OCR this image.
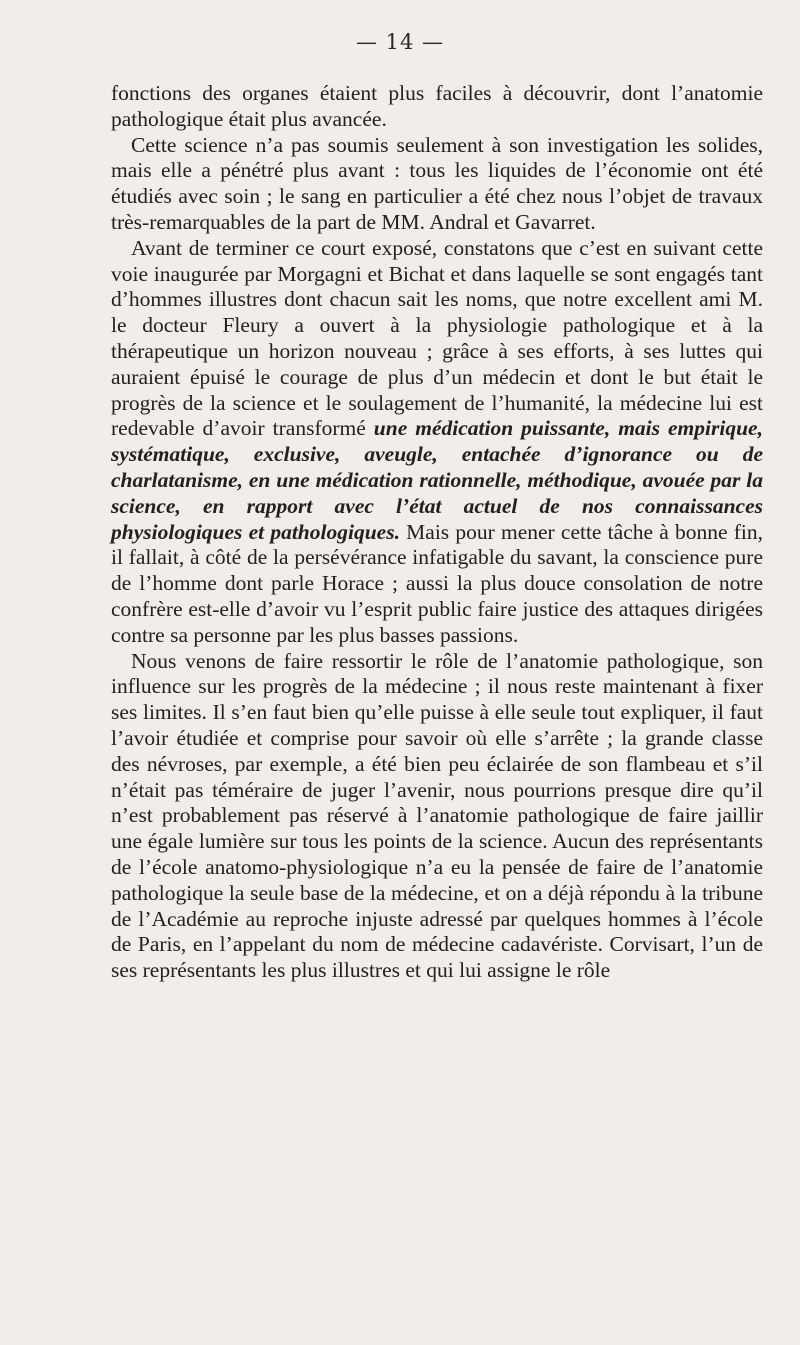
— 14 —

fonctions des organes étaient plus faciles à découvrir, dont l’anatomie pathologique était plus avancée.

Cette science n’a pas soumis seulement à son investigation les solides, mais elle a pénétré plus avant : tous les liquides de l’économie ont été étudiés avec soin ; le sang en particulier a été chez nous l’objet de travaux très-remarquables de la part de MM. Andral et Gavarret.

Avant de terminer ce court exposé, constatons que c’est en suivant cette voie inaugurée par Morgagni et Bichat et dans laquelle se sont engagés tant d’hommes illustres dont chacun sait les noms, que notre excellent ami M. le docteur Fleury a ouvert à la physiologie pathologique et à la thérapeutique un horizon nouveau ; grâce à ses efforts, à ses luttes qui auraient épuisé le courage de plus d’un médecin et dont le but était le progrès de la science et le soulagement de l’humanité, la médecine lui est redevable d’avoir transformé une médication puissante, mais empirique, systématique, exclusive, aveugle, entachée d’ignorance ou de charlatanisme, en une médication rationnelle, méthodique, avouée par la science, en rapport avec l’état actuel de nos connaissances physiologiques et pathologiques. Mais pour mener cette tâche à bonne fin, il fallait, à côté de la persévérance infatigable du savant, la conscience pure de l’homme dont parle Horace ; aussi la plus douce consolation de notre confrère est-elle d’avoir vu l’esprit public faire justice des attaques dirigées contre sa personne par les plus basses passions.

Nous venons de faire ressortir le rôle de l’anatomie pathologique, son influence sur les progrès de la médecine ; il nous reste maintenant à fixer ses limites. Il s’en faut bien qu’elle puisse à elle seule tout expliquer, il faut l’avoir étudiée et comprise pour savoir où elle s’arrête ; la grande classe des névroses, par exemple, a été bien peu éclairée de son flambeau et s’il n’était pas téméraire de juger l’avenir, nous pourrions presque dire qu’il n’est probablement pas réservé à l’anatomie pathologique de faire jaillir une égale lumière sur tous les points de la science. Aucun des représentants de l’école anatomo-physiologique n’a eu la pensée de faire de l’anatomie pathologique la seule base de la médecine, et on a déjà répondu à la tribune de l’Académie au reproche injuste adressé par quelques hommes à l’école de Paris, en l’appelant du nom de médecine cadavériste. Corvisart, l’un de ses représentants les plus illustres et qui lui assigne le rôle
